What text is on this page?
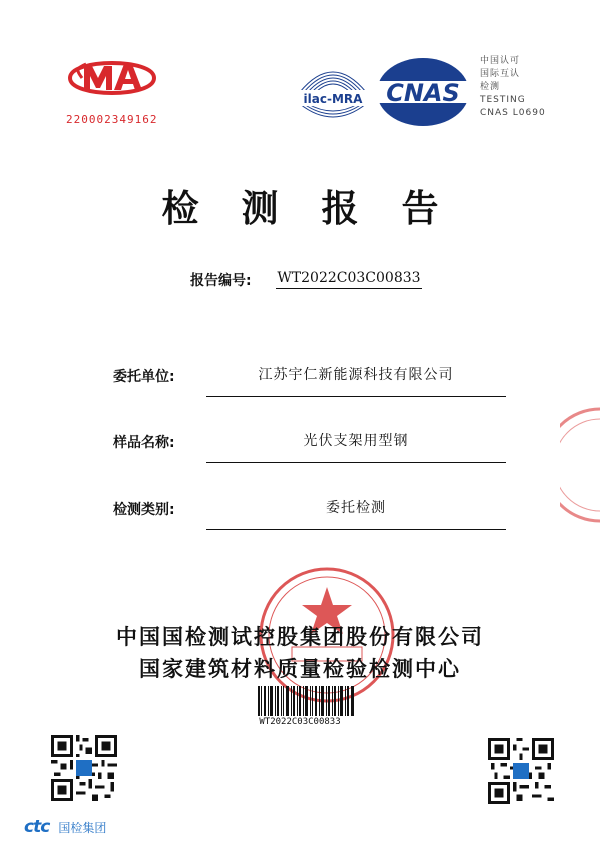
220002349162
ilac-MRA CNAS
中国认可
国际互认
检测
TESTING
CNAS L0690
检测报告
报告编号: WT2022C03C00833
委托单位:	江苏宇仁新能源科技有限公司
样品名称:	光伏支架用型钢
检测类别:	委托检测
中国国检测试控股集团股份有限公司
国家建筑材料质量检验检测中心
WT2022C03C00833
ctc 国检集团
